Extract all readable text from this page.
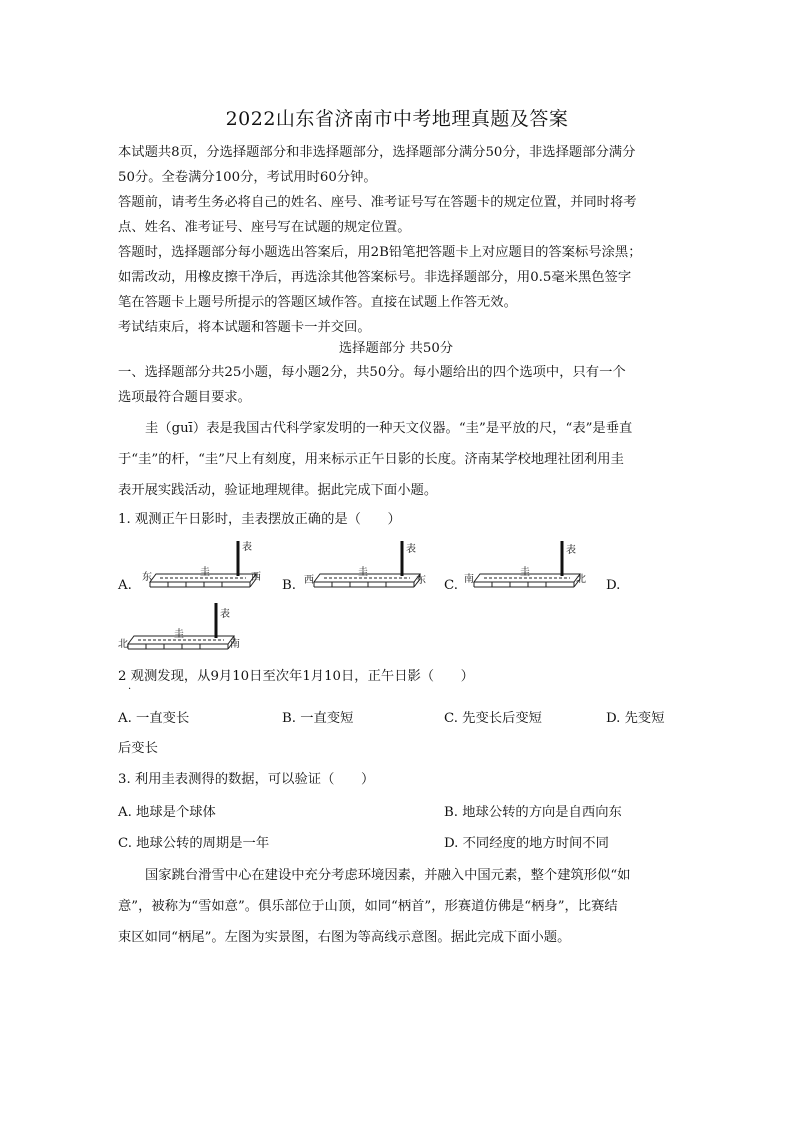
2022山东省济南市中考地理真题及答案
本试题共8页，分选择题部分和非选择题部分，选择题部分满分50分，非选择题部分满分
50分。全卷满分100分，考试用时60分钟。
答题前，请考生务必将自己的姓名、座号、准考证号写在答题卡的规定位置，并同时将考
点、姓名、准考证号、座号写在试题的规定位置。
答题时，选择题部分每小题选出答案后，用2B铅笔把答题卡上对应题目的答案标号涂黑；
如需改动，用橡皮擦干净后，再选涂其他答案标号。非选择题部分，用0.5毫米黑色签字
笔在答题卡上题号所提示的答题区域作答。直接在试题上作答无效。
考试结束后，将本试题和答题卡一并交回。
选择题部分 共50分
一、选择题部分共25小题，每小题2分，共50分。每小题给出的四个选项中，只有一个
选项最符合题目要求。
圭（guī）表是我国古代科学家发明的一种天文仪器。“圭”是平放的尺，“表”是垂直
于“圭”的杆，“圭”尺上有刻度，用来标示正午日影的长度。济南某学校地理社团利用圭
表开展实践活动，验证地理规律。据此完成下面小题。
1. 观测正午日影时，圭表摆放正确的是（　　）
A.
东	西
圭
表
B. 西	东
圭
表
C. 南	北
圭
表
D.
北	南
圭
表
2 观测发现，从9月10日至次年1月10日，正午日影（　　）
·
A. 一直变长	B. 一直变短	C. 先变长后变短	D. 先变短
后变长
3. 利用圭表测得的数据，可以验证（　　）
A. 地球是个球体	B. 地球公转的方向是自西向东
C. 地球公转的周期是一年	D. 不同经度的地方时间不同
国家跳台滑雪中心在建设中充分考虑环境因素，并融入中国元素，整个建筑形似“如
意”，被称为“雪如意”。俱乐部位于山顶，如同“柄首”，形赛道仿佛是“柄身”，比赛结
束区如同“柄尾”。左图为实景图，右图为等高线示意图。据此完成下面小题。
